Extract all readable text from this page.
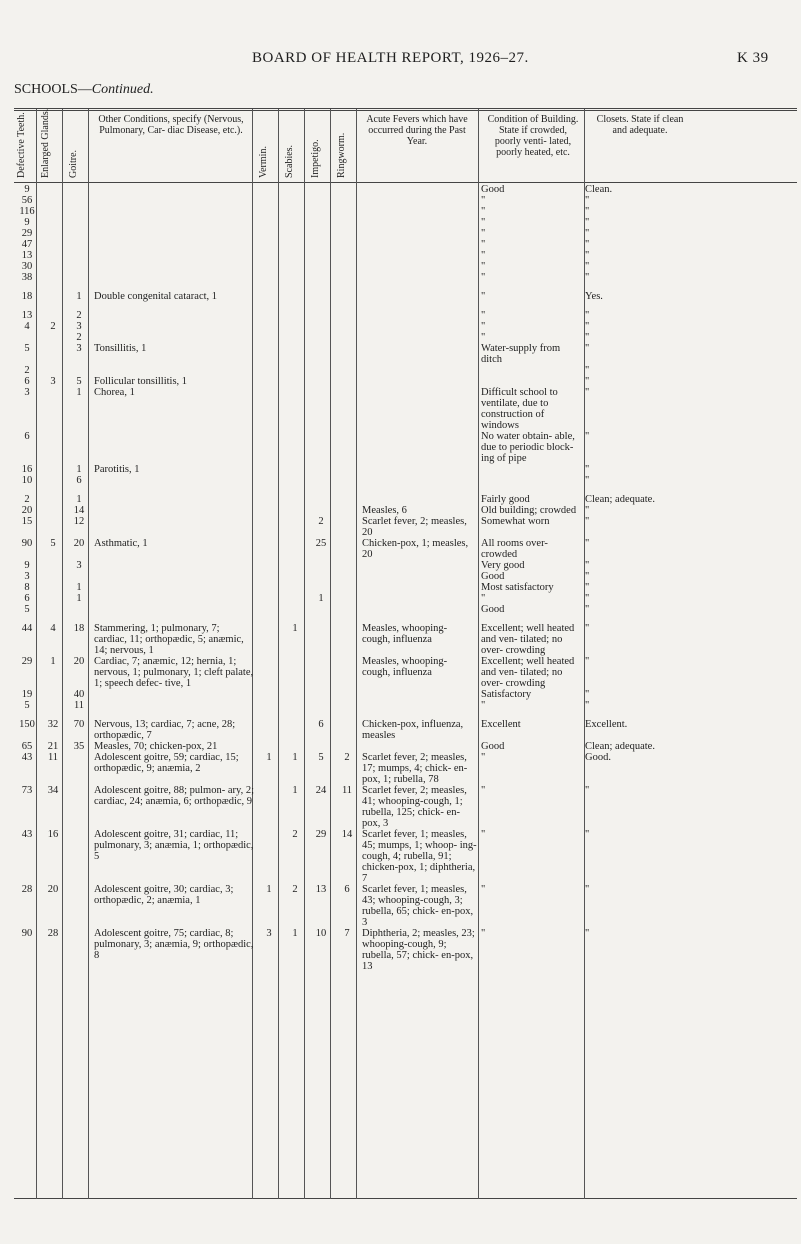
BOARD OF HEALTH REPORT, 1926–27.	K 39
SCHOOLS—Continued.
Defective Teeth. Enlarged Glands. Goitre.
Other Conditions, specify (Nervous, Pulmonary, Car- diac Disease, etc.).
Vermin. Scabies. Impetigo. Ringworm.
Acute Fevers which have occurred during the Past Year.
Condition of Building. State if crowded, poorly venti- lated, poorly heated, etc.
Closets. State if clean and adequate.
9									Good	Clean.
56									"	"
116									"	"
9									"	"
29									"	"
47									"	"
13									"	"
30									"	"
38									"	"

18		1	Double congenital cataract, 1						"	Yes.

13		2							"	"
4	2	3							"	"
		2							"	"
5		3	Tonsillitis, 1						Water-supply from ditch	"
2										"
6	3	5	Follicular tonsillitis, 1							"
3		1	Chorea, 1						Difficult school to ventilate, due to construction of windows	"
6									No water obtain- able, due to periodic block- ing of pipe	"
16		1	Parotitis, 1							"
10		6								"

2		1							Fairly good	Clean; adequate.
20		14						Measles, 6	Old building; crowded	"
15		12				2		Scarlet fever, 2; measles, 20	Somewhat worn	"
90	5	20	Asthmatic, 1			25		Chicken-pox, 1; measles, 20	All rooms over- crowded	"
9		3							Very good	"
3									Good	"
8		1							Most satisfactory	"
6		1				1			"	"
5									Good	"

44	4	18	Stammering, 1; pulmonary, 7; cardiac, 11; orthopædic, 5; anæmic, 14; nervous, 1		1			Measles, whooping- cough, influenza	Excellent; well heated and ven- tilated; no over- crowding	"
29	1	20	Cardiac, 7; anæmic, 12; hernia, 1; nervous, 1; pulmonary, 1; cleft palate, 1; speech defec- tive, 1					Measles, whooping- cough, influenza	Excellent; well heated and ven- tilated; no over- crowding	"
19		40							Satisfactory	"
5		11							"	"

150	32	70	Nervous, 13; cardiac, 7; acne, 28; orthopædic, 7			6		Chicken-pox, influenza, measles	Excellent	Excellent.
65	21	35	Measles, 70; chicken-pox, 21						Good	Clean; adequate.
43	11		Adolescent goitre, 59; cardiac, 15; orthopædic, 9; anæmia, 2	1	1	5	2	Scarlet fever, 2; measles, 17; mumps, 4; chick- en-pox, 1; rubella, 78	"	Good.
73	34		Adolescent goitre, 88; pulmon- ary, 2; cardiac, 24; anæmia, 6; orthopædic, 9		1	24	11	Scarlet fever, 2; measles, 41; whooping-cough, 1; rubella, 125; chick- en-pox, 3	"	"
43	16		Adolescent goitre, 31; cardiac, 11; pulmonary, 3; anæmia, 1; orthopædic, 5		2	29	14	Scarlet fever, 1; measles, 45; mumps, 1; whoop- ing-cough, 4; rubella, 91; chicken-pox, 1; diphtheria, 7	"	"
28	20		Adolescent goitre, 30; cardiac, 3; orthopædic, 2; anæmia, 1	1	2	13	6	Scarlet fever, 1; measles, 43; whooping-cough, 3; rubella, 65; chick- en-pox, 3	"	"
90	28		Adolescent goitre, 75; cardiac, 8; pulmonary, 3; anæmia, 9; orthopædic, 8	3	1	10	7	Diphtheria, 2; measles, 23; whooping-cough, 9; rubella, 57; chick- en-pox, 13	"	"
